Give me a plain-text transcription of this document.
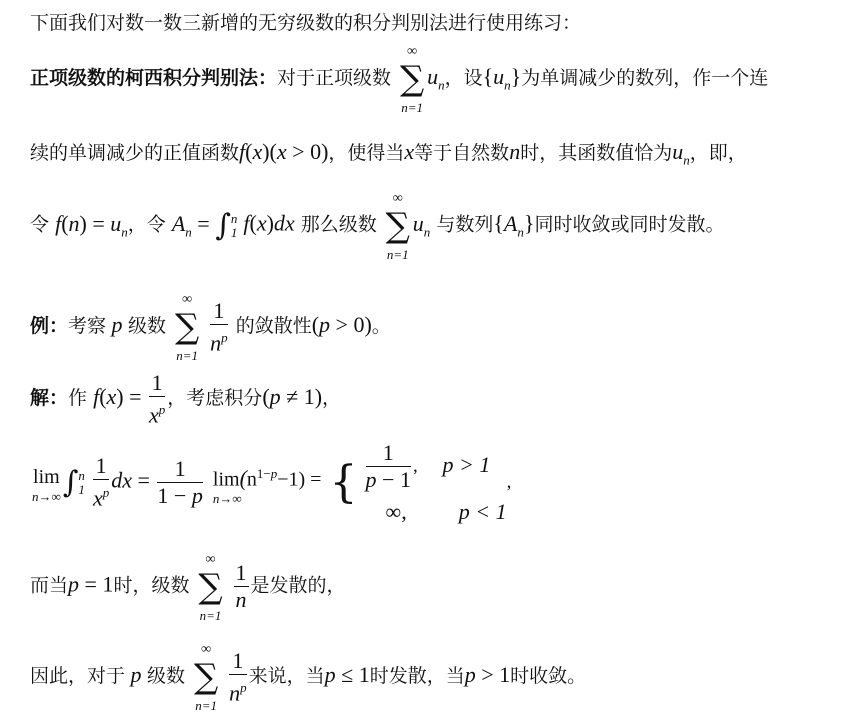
下面我们对数一数三新增的无穷级数的积分判别法进行使用练习：
正项级数的柯西积分判别法：对于正项级数
∞
∑
n=1
$u_n$，设$\{u_n\}$为单调减少的数列，作一个连
续的单调减少的正值函数f(x)(x > 0)，使得当x等于自然数n时，其函数值恰为$u_n$，即，
令 $f(n) = u_n$，令 $A_n = \int n$
1 f(x)dx 那么级数
∞
∑
n=1
$u_n$ 与数列$\{A_n\}$同时收敛或同时发散。
例：考察 p 级数
∞
∑
n=1
$\frac{1}{n^p}$ 的敛散性(p > 0)。
解：作 $f(x) = \frac{1}{x^p}$ ，考虑积分(p ≠ 1)，
lim
n→∞ ∫n
$1 \frac{1}{x^p}$ dx = $\frac{1}{1 - p}$
$\lim(n^{1-p}-1)$ =
n→∞	{ $\frac{1}{p - 1}$ , p > 1
∞, p < 1
,
而当p = 1时，级数
∞
∑
n=1

$\frac{1}{n}$ 是发散的，
因此，对于 p 级数
∞
∑
n=1
$\frac{1}{n^p}$ 来说，当p ≤ 1时发散，当p > 1时收敛。
